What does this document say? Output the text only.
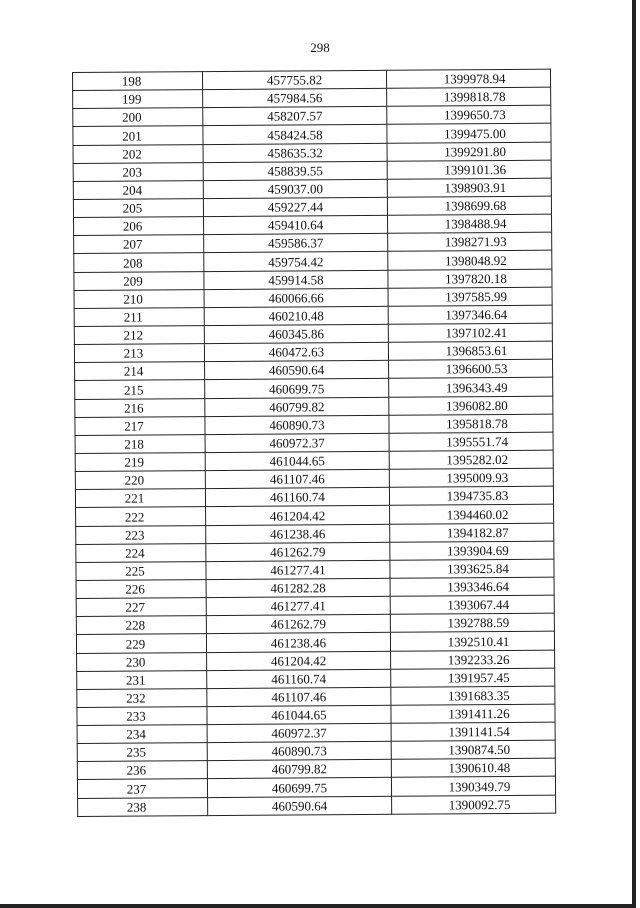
298
198	457755.82	1399978.94
199	457984.56	1399818.78
200	458207.57	1399650.73
201	458424.58	1399475.00
202	458635.32	1399291.80
203	458839.55	1399101.36
204	459037.00	1398903.91
205	459227.44	1398699.68
206	459410.64	1398488.94
207	459586.37	1398271.93
208	459754.42	1398048.92
209	459914.58	1397820.18
210	460066.66	1397585.99
211	460210.48	1397346.64
212	460345.86	1397102.41
213	460472.63	1396853.61
214	460590.64	1396600.53
215	460699.75	1396343.49
216	460799.82	1396082.80
217	460890.73	1395818.78
218	460972.37	1395551.74
219	461044.65	1395282.02
220	461107.46	1395009.93
221	461160.74	1394735.83
222	461204.42	1394460.02
223	461238.46	1394182.87
224	461262.79	1393904.69
225	461277.41	1393625.84
226	461282.28	1393346.64
227	461277.41	1393067.44
228	461262.79	1392788.59
229	461238.46	1392510.41
230	461204.42	1392233.26
231	461160.74	1391957.45
232	461107.46	1391683.35
233	461044.65	1391411.26
234	460972.37	1391141.54
235	460890.73	1390874.50
236	460799.82	1390610.48
237	460699.75	1390349.79
238	460590.64	1390092.75
